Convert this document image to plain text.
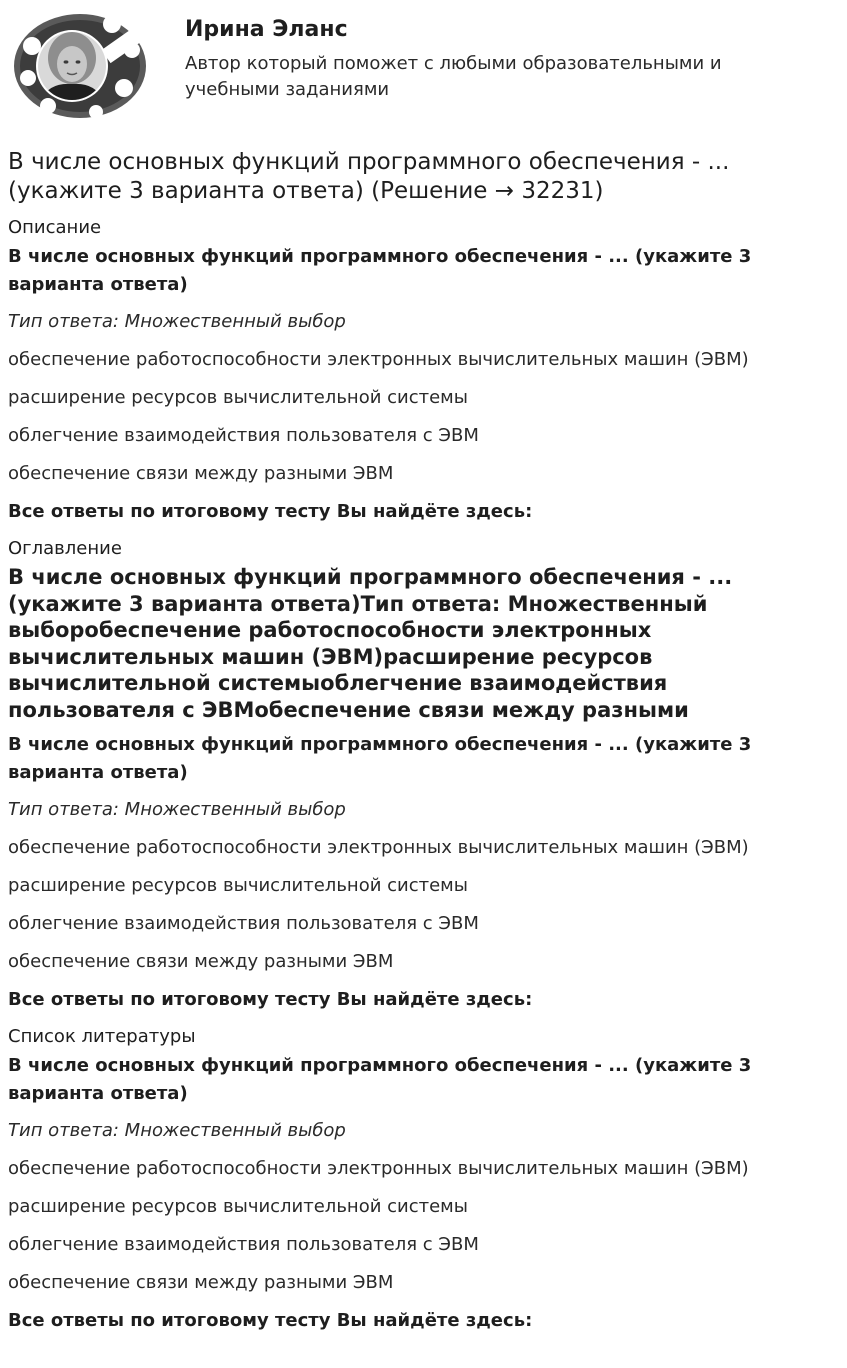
Ирина Эланс
Автор который поможет с любыми образовательными и учебными заданиями
В числе основных функций программного обеспечения - ... (укажите 3 варианта ответа) (Решение → 32231)
Описание
В числе основных функций программного обеспечения - ... (укажите 3 варианта ответа)
Тип ответа: Множественный выбор
обеспечение работоспособности электронных вычислительных машин (ЭВМ)
расширение ресурсов вычислительной системы
облегчение взаимодействия пользователя с ЭВМ
обеспечение связи между разными ЭВМ
Все ответы по итоговому тесту Вы найдёте здесь:
Оглавление
В числе основных функций программного обеспечения - ... (укажите 3 варианта ответа)Тип ответа: Множественный выборобеспечение работоспособности электронных вычислительных машин (ЭВМ)расширение ресурсов вычислительной системыоблегчение взаимодействия пользователя с ЭВМобеспечение связи между разными
В числе основных функций программного обеспечения - ... (укажите 3 варианта ответа)
Тип ответа: Множественный выбор
обеспечение работоспособности электронных вычислительных машин (ЭВМ)
расширение ресурсов вычислительной системы
облегчение взаимодействия пользователя с ЭВМ
обеспечение связи между разными ЭВМ
Все ответы по итоговому тесту Вы найдёте здесь:
Список литературы
В числе основных функций программного обеспечения - ... (укажите 3 варианта ответа)
Тип ответа: Множественный выбор
обеспечение работоспособности электронных вычислительных машин (ЭВМ)
расширение ресурсов вычислительной системы
облегчение взаимодействия пользователя с ЭВМ
обеспечение связи между разными ЭВМ
Все ответы по итоговому тесту Вы найдёте здесь:
